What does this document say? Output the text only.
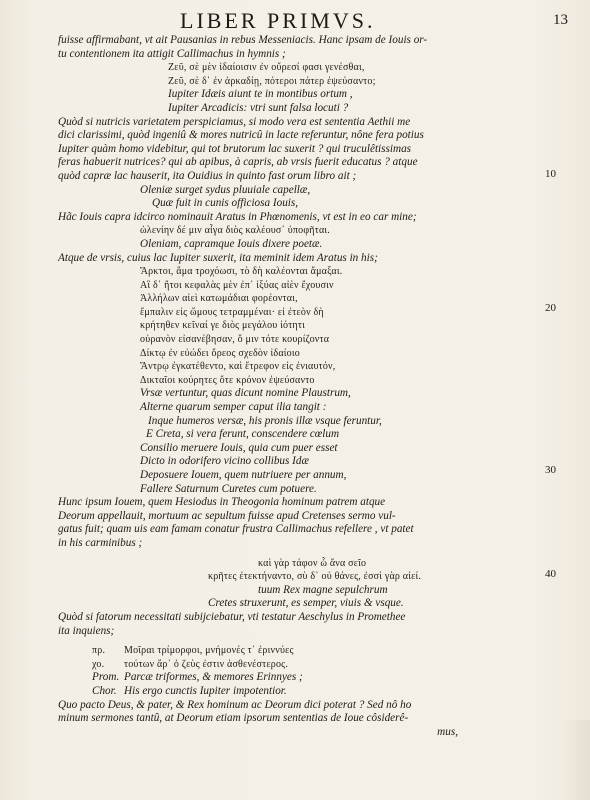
LIBER PRIMVS.	13
10
20
30
40
fuisse affirmabant, vt ait Pausanias in rebus Messeniacis. Hanc ipsam de Iouis or-
tu contentionem ita attigit Callimachus in hymnis ;
Ζεῦ, σὲ μὲν ἰδαίοισιν ἐν οὔρεσί φασι γενέσθαι,
Ζεῦ, σὲ δ᾽ ἐν ἀρκαδίῃ, πότεροι πάτερ ἐψεύσαντο;
Iupiter Idæis aiunt te in montibus ortum ,
Iupiter Arcadicis: vtri sunt falsa locuti ?
Quòd si nutricis varietatem perspiciamus, si modo vera est sententia Aethii me
dici clarissimi, quòd ingeniû & mores nutricû in lacte referuntur, nône fera potius
Iupiter quàm homo videbitur, qui tot brutorum lac suxerit ? qui truculêtissimas
feras habuerit nutrices? qui ab apibus, à capris, ab vrsis fuerit educatus ? atque
quòd capræ lac hauserit, ita Ouidius in quinto fast orum libro ait ;
Oleniæ surget sydus pluuiale capellæ,
Quæ fuit in cunis officiosa Iouis,
Hãc Iouis capra idcirco nominauit Aratus in Phœnomenis, vt est in eo car mine;
ὠλενίην δέ μιν αἶγα διὸς καλέουσ᾽ ὑποφῆται.
Oleniam, capramque Iouis dixere poetæ.
Atque de vrsis, cuius lac Iupiter suxerit, ita meminit idem Aratus in his;
Ἄρκτοι, ἅμα τροχόωσι, τὸ δὴ καλέονται ἅμαξαι.
Αἳ δ᾽ ἤτοι κεφαλὰς μὲν ἐπ᾽ ἰξύας αἰὲν ἔχουσιν
Ἀλλήλων αἰεὶ κατωμάδιαι φορέονται,
ἔμπαλιν εἰς ὤμους τετραμμέναι· εἰ ἐτεὸν δὴ
κρήτηθεν κεῖναί γε διὸς μεγάλου ἰότητι
οὐρανὸν εἰσανέβησαν, ὅ μιν τότε κουρίζοντα
Δίκτῳ ἐν εὐώδει ὄρεος σχεδὸν ἰδαίοιο
Ἄντρῳ ἐγκατέθεντο, καὶ ἔτρεφον εἰς ἐνιαυτόν,
Δικταῖοι κούρητες ὅτε κρόνον ἐψεύσαντο
Vrsæ vertuntur, quas dicunt nomine Plaustrum,
Alterne quarum semper caput ilia tangit :
Inque humeros versæ, his pronis illæ vsque feruntur,
E Creta, si vera ferunt, conscendere cœlum
Consilio meruere Iouis, quia cum puer esset
Dicto in odorifero vicino collibus Idæ
Deposuere Iouem, quem nutriuere per annum,
Fallere Saturnum Curetes cum potuere.
Hunc ipsum Iouem, quem Hesiodus in Theogonia hominum patrem atque
Deorum appellauit, mortuum ac sepultum fuisse apud Cretenses sermo vul-
gatus fuit; quam uis eam famam conatur frustra Callimachus refellere , vt patet
in his carminibus ;
καὶ γὰρ τάφον ὦ ἄνα σεῖο
κρῆτες ἐτεκτήναντο, σὺ δ᾽ οὐ θάνες, ἐσσὶ γὰρ αἰεί.
tuum Rex magne sepulchrum
Cretes struxerunt, es semper, viuis & vsque.
Quòd si fatorum necessitati subijciebatur, vti testatur Aeschylus in Promethee
ita inquiens;
πρ. Μοῖραι τρίμορφοι, μνήμονές τ᾽ ἐριννύες
χο. τούτων ἄρ᾽ ὁ ζεὺς ἐστιν ἀσθενέστερος.
Prom. Parcæ triformes, & memores Erinnyes ;
Chor. His ergo cunctis Iupiter impotentior.
Quo pacto Deus, & pater, & Rex hominum ac Deorum dici poterat ? Sed nô ho
minum sermones tantû, at Deorum etiam ipsorum sententias de Ioue côsiderê-
mus,
